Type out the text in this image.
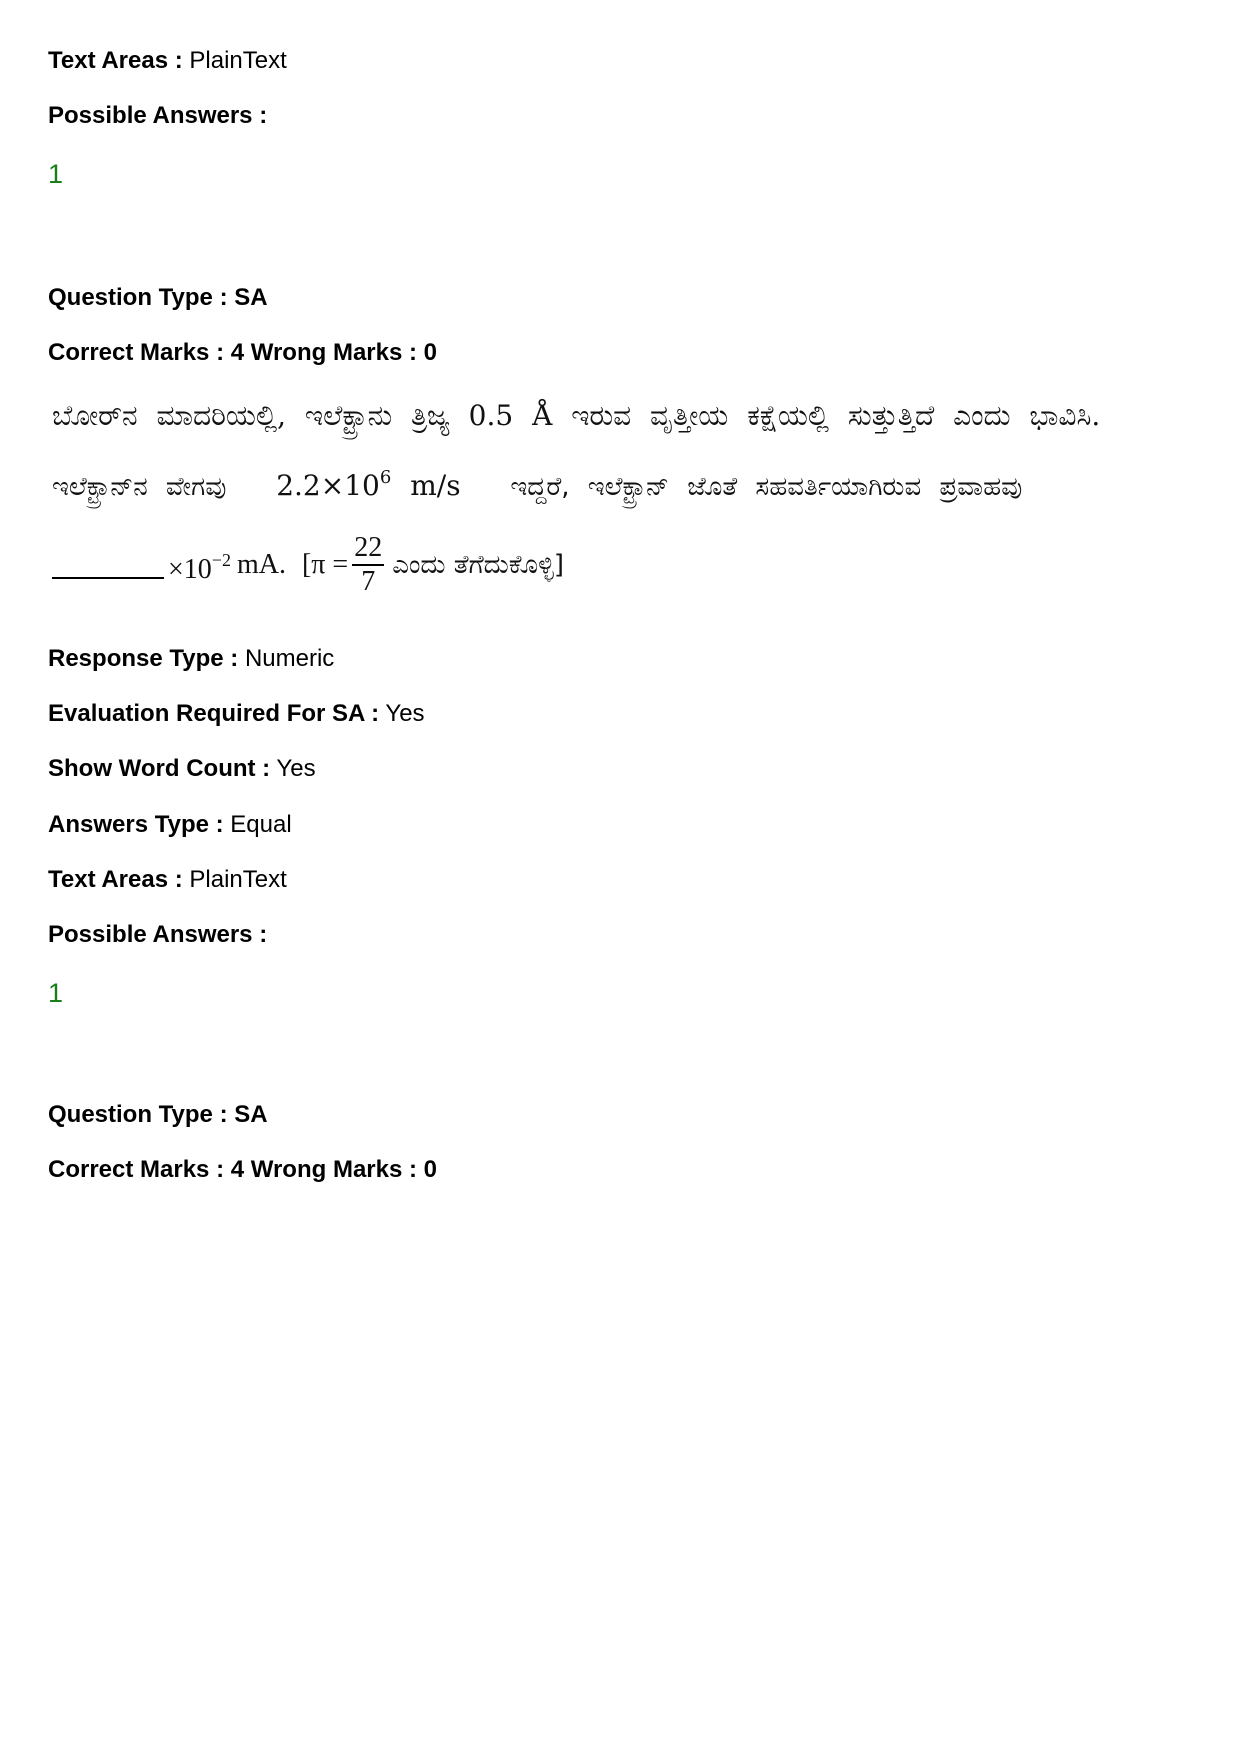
Text Areas : PlainText
Possible Answers :
1
Question Type : SA
Correct Marks : 4 Wrong Marks : 0
ಬೋರ್‌ನ ಮಾದರಿಯಲ್ಲಿ, ಇಲೆಕ್ಟ್ರಾನು ತ್ರಿಜ್ಯ 0.5 Å ಇರುವ ವೃತ್ತೀಯ ಕಕ್ಷೆಯಲ್ಲಿ ಸುತ್ತುತ್ತಿದೆ ಎಂದು ಭಾವಿಸಿ.
ಇಲೆಕ್ಟ್ರಾನ್‌ನ ವೇಗವು $2.2\times 10^6$ m/s ಇದ್ದರೆ, ಇಲೆಕ್ಟ್ರಾನ್ ಜೊತೆ ಸಹವರ್ತಿಯಾಗಿರುವ ಪ್ರವಾಹವು
$\times 10^{-2}$ mA. [$\pi = \frac{22}{7}$ ಎಂದು ತೆಗೆದುಕೊಳ್ಳಿ]
Response Type : Numeric
Evaluation Required For SA : Yes
Show Word Count : Yes
Answers Type : Equal
Text Areas : PlainText
Possible Answers :
1
Question Type : SA
Correct Marks : 4 Wrong Marks : 0
